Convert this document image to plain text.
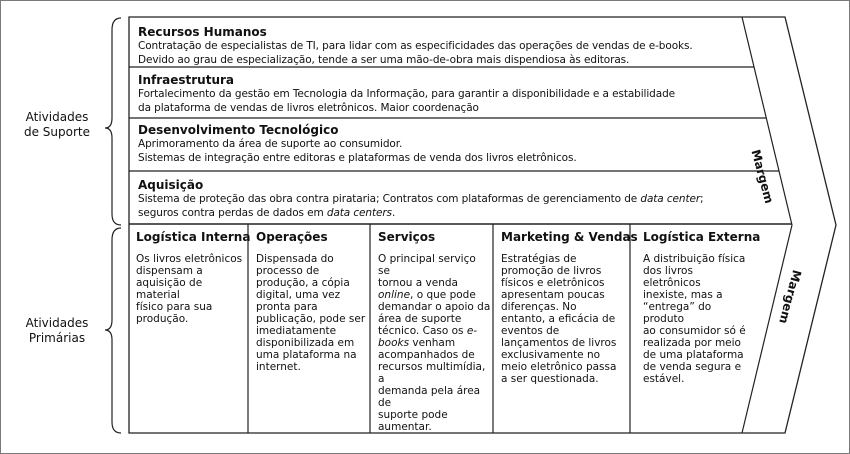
Atividades
de Suporte
Atividades
Primárias
Recursos Humanos
Contratação de especialistas de TI, para lidar com as especificidades das operações de vendas de e-books.
Devido ao grau de especialização, tende a ser uma mão-de-obra mais dispendiosa às editoras.
Infraestrutura
Fortalecimento da gestão em Tecnologia da Informação, para garantir a disponibilidade e a estabilidade
da plataforma de vendas de livros eletrônicos. Maior coordenação
Desenvolvimento Tecnológico
Aprimoramento da área de suporte ao consumidor.
Sistemas de integração entre editoras e plataformas de venda dos livros eletrônicos.
Aquisição
Sistema de proteção das obra contra pirataria; Contratos com plataformas de gerenciamento de data center;
seguros contra perdas de dados em data centers.
Logística Interna
Os livros eletrônicos
dispensam a
aquisição de material
físico para sua
produção.
Operações
Dispensada do
processo de
produção, a cópia
digital, uma vez
pronta para
publicação, pode ser
imediatamente
disponibilizada em
uma plataforma na
internet.
Serviços
O principal serviço se
tornou a venda
online, o que pode
demandar o apoio da
área de suporte
técnico. Caso os e-
books venham
acompanhados de
recursos multimídia, a
demanda pela área de
suporte pode
aumentar.
Marketing & Vendas
Estratégias de
promoção de livros
físicos e eletrônicos
apresentam poucas
diferenças. No
entanto, a eficácia de
eventos de
lançamentos de livros
exclusivamente no
meio eletrônico passa
a ser questionada.
Logística Externa
A distribuição física
dos livros eletrônicos
inexiste, mas a
“entrega” do produto
ao consumidor só é
realizada por meio
de uma plataforma
de venda segura e
estável.
Margem
Margem
